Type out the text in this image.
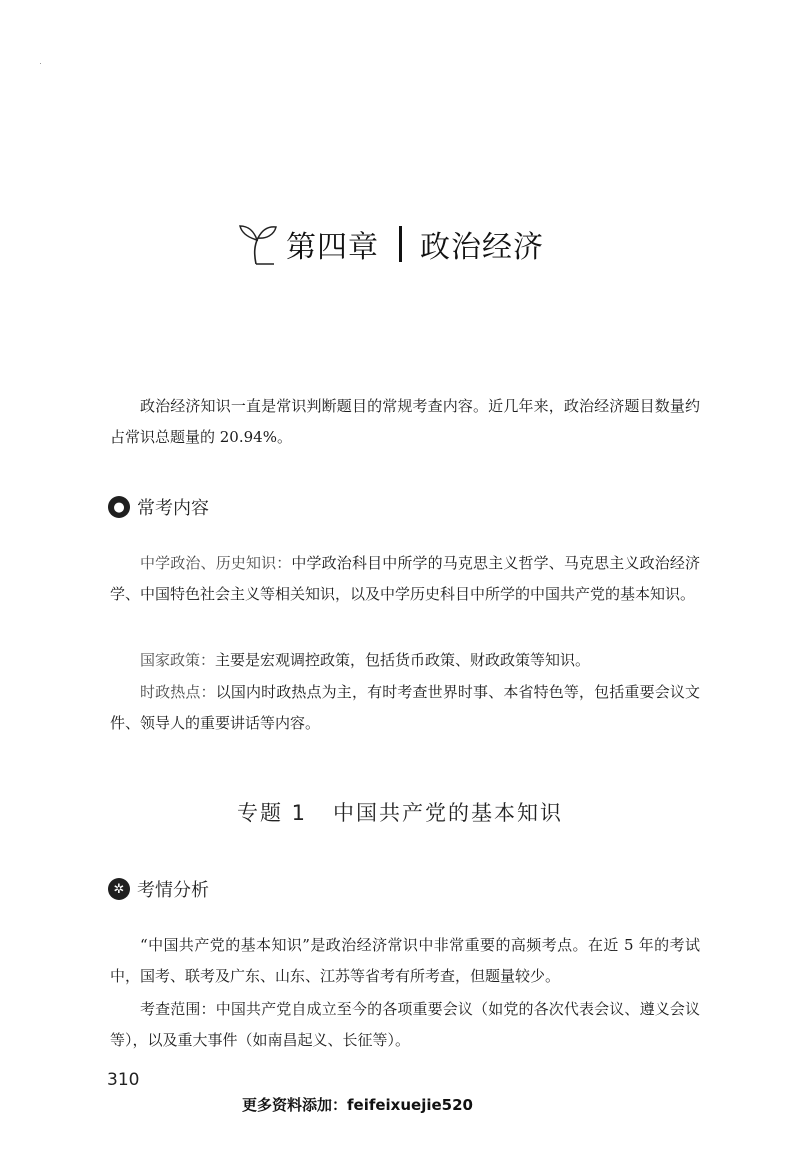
第四章 政治经济

政治经济知识一直是常识判断题目的常规考查内容。近几年来，政治经济题目数量约占常识总题量的 20.94%。

● 常考内容

中学政治、历史知识：中学政治科目中所学的马克思主义哲学、马克思主义政治经济学、中国特色社会主义等相关知识，以及中学历史科目中所学的中国共产党的基本知识。

国家政策：主要是宏观调控政策，包括货币政策、财政政策等知识。

时政热点：以国内时政热点为主，有时考查世界时事、本省特色等，包括重要会议文件、领导人的重要讲话等内容。

专题 1 中国共产党的基本知识
✲ 考情分析

“中国共产党的基本知识”是政治经济常识中非常重要的高频考点。在近 5 年的考试中，国考、联考及广东、山东、江苏等省考有所考查，但题量较少。

考查范围：中国共产党自成立至今的各项重要会议（如党的各次代表会议、遵义会议等），以及重大事件（如南昌起义、长征等）。

310
更多资料添加：feifeixuejie520
